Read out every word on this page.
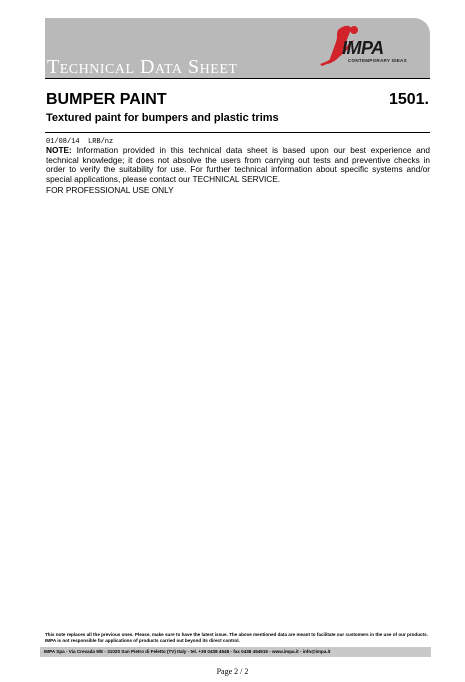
Technical Data Sheet
IMPA
CONTEMPORARY IDEAS
BUMPER PAINT	1501.
Textured paint for bumpers and plastic trims
01/08/14  LRB/nz
NOTE: Information provided in this technical data sheet is based upon our best experience and technical knowledge; it does not absolve the users from carrying out tests and preventive checks in order to verify the suitability for use. For further technical information about specific systems and/or special applications, please contact our TECHNICAL SERVICE.
FOR PROFESSIONAL USE ONLY
This note replaces all the previous ones. Please, make sure to have the latest issue. The above mentioned data are meant to facilitate our customers in the use of our products. IMPA is not responsible for applications of products carried out beyond its direct control.
IMPA Spa - Via Crevada 9/E - 31020 San Pietro di Feletto (TV) Italy - tel. +39 0438 4548 - fax 0438 454915 - www.impa.it - info@impa.it
Page 2 / 2
